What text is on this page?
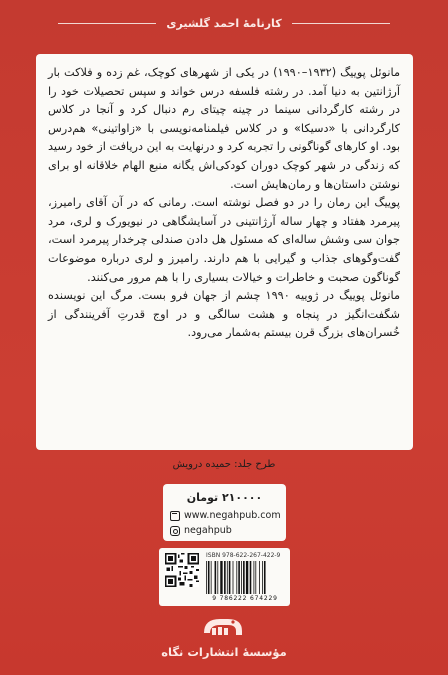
کارنامهٔ احمد گلشیری

مانوئل پوییگ (۱۹۳۲–۱۹۹۰) در یکی از شهرهای کوچک، غم زده و فلاکت بار آرژانتین به دنیا آمد. در رشته فلسفه درس خواند و سپس تحصیلات خود را در رشته کارگردانی سینما در چینه چیتای رم دنبال کرد و آنجا در کلاس کارگردانی با «دسیکا» و در کلاس فیلمنامه‌نویسی با «زاواتینی» هم‌درس بود. او کارهای گوناگونی را تجربه کرد و درنهایت به این دریافت از خود رسید که زندگی در شهر کوچک دوران کودکی‌اش یگانه منبع الهام خلاقانه او برای نوشتن داستان‌ها و رمان‌هایش است.

پوییگ این رمان را در دو فصل نوشته است. رمانی که در آن آقای رامیرز، پیرمرد هفتاد و چهار ساله آرژانتینی در آسایشگاهی در نیویورک و لری، مرد جوان سی وشش ساله‌ای که مسئول هل دادن صندلی چرخدار پیرمرد است، گفت‌وگوهای جذاب و گیرایی با هم دارند. رامیرز و لری درباره موضوعات گوناگون صحبت و خاطرات و خیالات بسیاری را با هم مرور می‌کنند.

مانوئل پوییگ در ژوییه ۱۹۹۰ چشم از جهان فرو بست. مرگ این نویسنده شگفت‌انگیز در پنجاه و هشت سالگی و در اوج قدرتِ آفرینندگی از خُسران‌های بزرگ قرن بیستم به‌شمار می‌رود.

طرح جلد: حمیده درویش
۲۱۰۰۰۰ تومان
www.negahpub.com
negahpub
ISBN 978-622-267-422-9
9 786222 674229
مؤسسهٔ انتشارات نگاه
